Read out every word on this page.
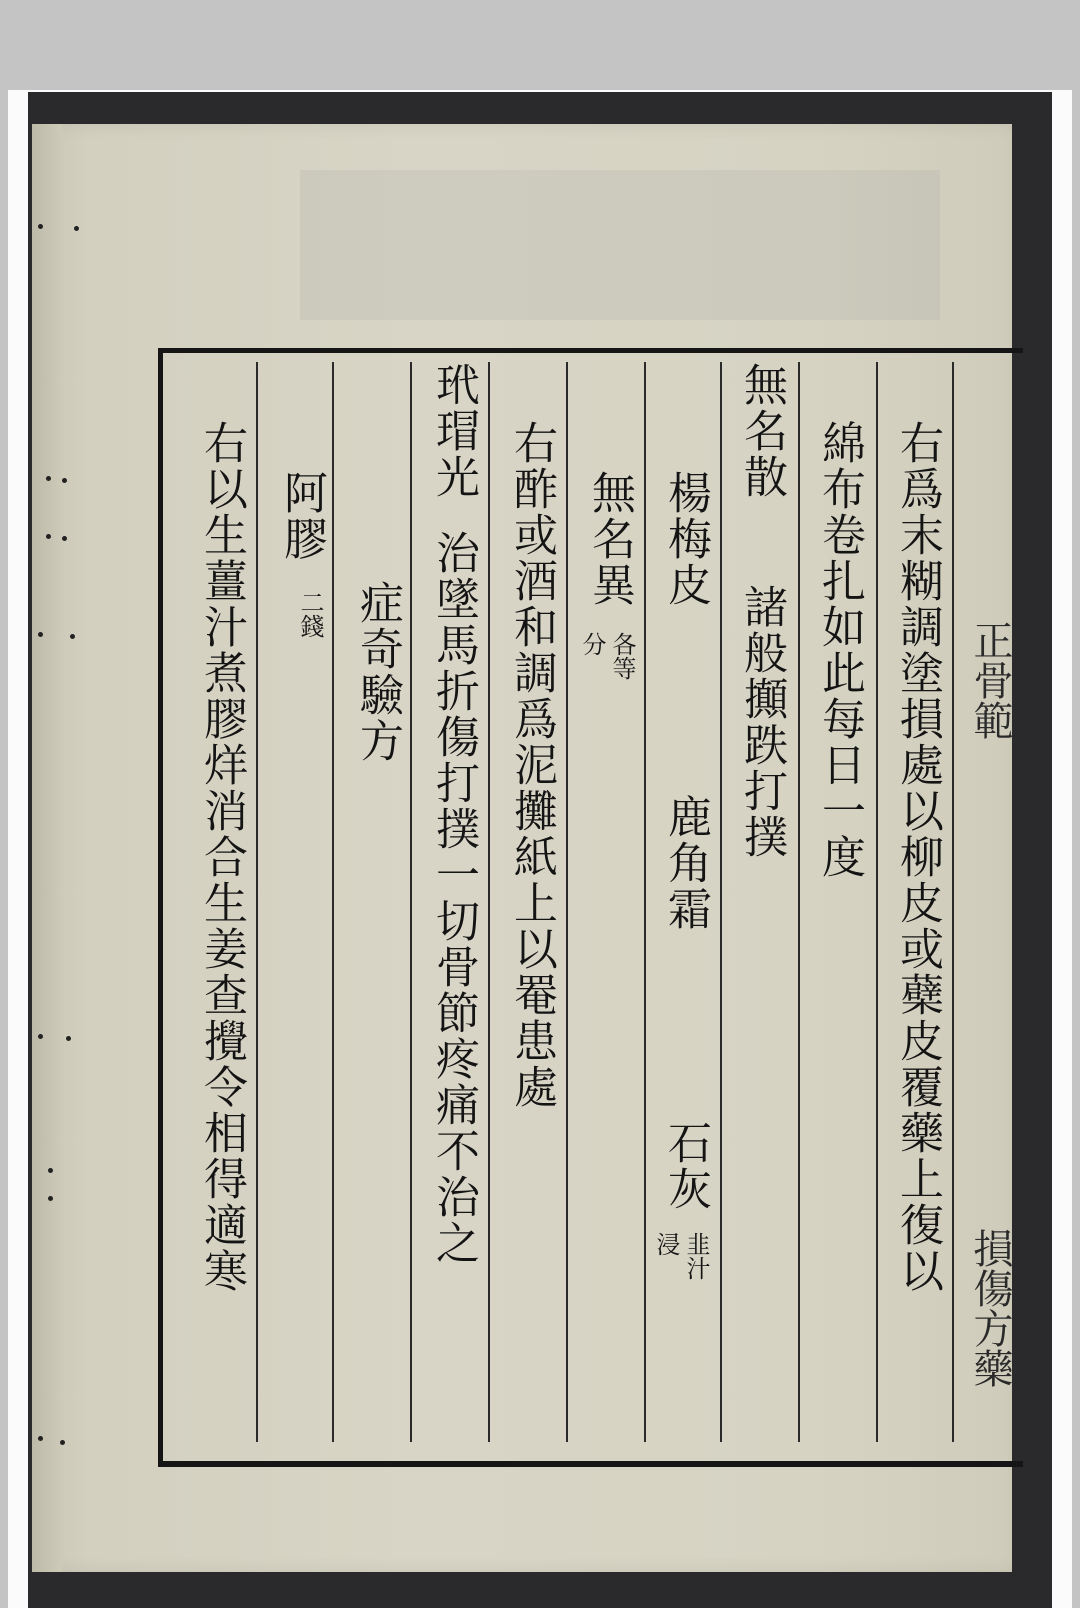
右爲末糊調塗損處以柳皮或蘗皮覆藥上復以
綿布卷扎如此每日一度
無名散
諸般攧跌打撲
楊梅皮
鹿角霜
石灰
韭汁
浸
無名異
各等
分
右酢或酒和調爲泥攤紙上以罨患處
玳瑁光
治墜馬折傷打撲一切骨節疼痛不治之
症奇驗方
阿膠
二錢
右以生薑汁煮膠烊消合生姜查攪令相得適寒	正骨範
損傷方藥
